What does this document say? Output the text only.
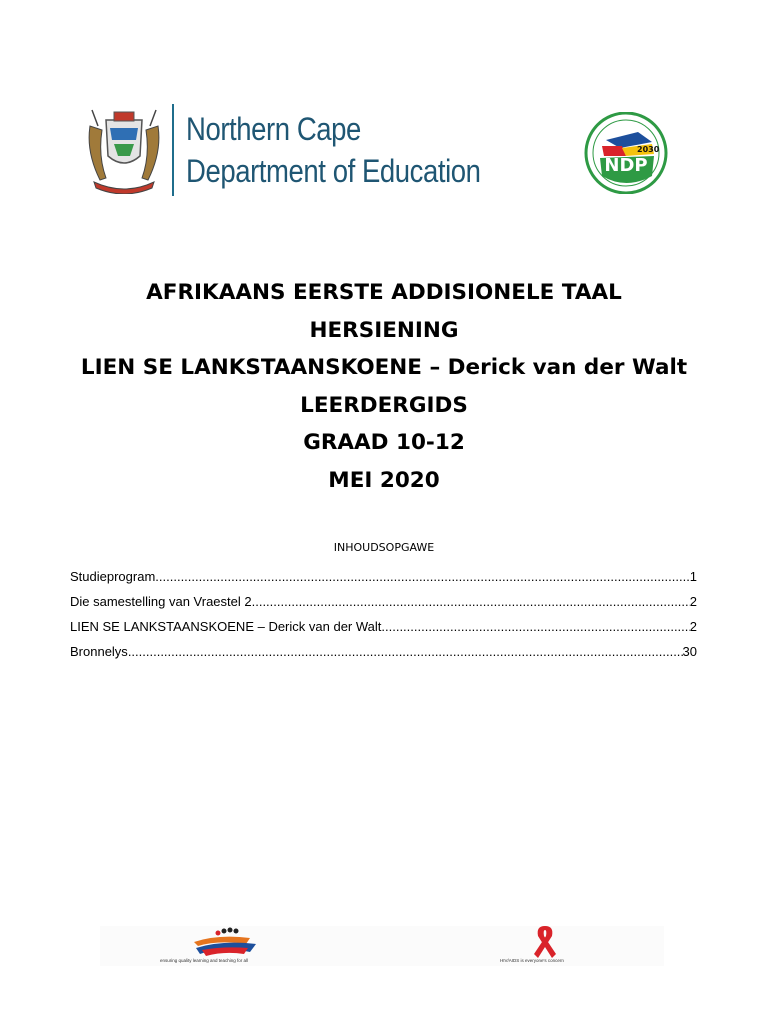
Northern Cape
Department of Education
2030
NDP
AFRIKAANS EERSTE ADDISIONELE TAAL
HERSIENING
LIEN SE LANKSTAANSKOENE – Derick van der Walt
LEERDERGIDS
GRAAD 10-12
MEI 2020
INHOUDSOPGAWE
Studieprogram .....	1
Die samestelling van Vraestel 2 .....	2
LIEN SE LANKSTAANSKOENE – Derick van der Walt .....	2
Bronnelys .....	30
ensuring quality learning and teaching for all	HIV/AIDS is everyone's concern
